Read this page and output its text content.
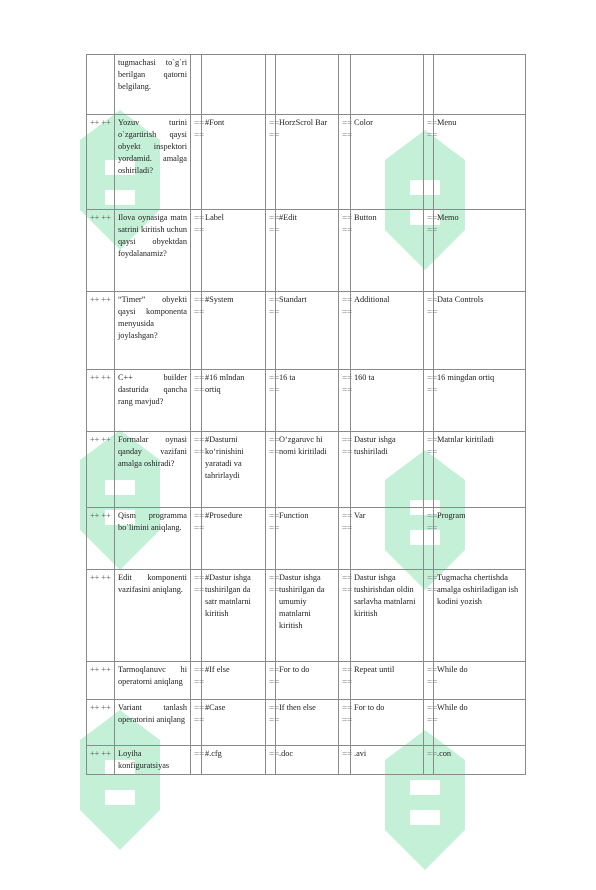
	tugmachasi to`g`ri berilgan qatorni belgilang.								
++ ++	Yozuv turini o`zgartirish qaysi obyekt inspektori yordamid. amalga oshiriladi?	== ==	#Font	== ==	HorzScrol Bar	== ==	Color	== ==	Menu
++ ++	Ilova oynasiga matn satrini kiritish uchun qaysi obyektdan foydalanamiz?	== ==	Label	== ==	#Edit	== ==	Button	== ==	Memo
++ ++	“Timer” obyekti qaysi komponenta menyusida joylashgan?	== ==	#System	== ==	Standart	== ==	Additional	== ==	Data Controls
++ ++	C++ builder dasturida qancha rang mavjud?	== ==	#16 mlndan ortiq	== ==	16 ta	== ==	160 ta	== ==	16 mingdan ortiq
++ ++	Formalar oynasi qanday vazifani amalga oshiradi?	== ==	#Dasturni ko‘rinishini yaratadi va tahrirlaydi	== ==	O‘zgaruvc hi nomi kiritiladi	== ==	Dastur ishga tushiriladi	== ==	Matnlar kiritiladi
++ ++	Qism programma bo`limini aniqlang.	== ==	#Prosedure	== ==	Function	== ==	Var	== ==	Program
++ ++	Edit komponenti vazifasini aniqlang.	== ==	#Dastur ishga tushirilgan da satr matnlarni kiritish	== ==	Dastur ishga tushirilgan da umumiy matnlarni kiritish	== ==	Dastur ishga tushirishdan oldin sarlavha matnlarni kiritish	== ==	Tugmacha chertishda amalga oshiriladigan ish kodini yozish
++ ++	Tarmoqlanuvc hi operatorni aniqlang	== ==	#If else	== ==	For to do	== ==	Repeat until	== ==	While do
++ ++	Variant tanlash operatorini aniqlang	== ==	#Case	== ==	If then else	== ==	For to do	== ==	While do
++ ++	Loyiha konfiguratsiyas	==	#.cfg	==	.doc	==	.avi	==	.con
